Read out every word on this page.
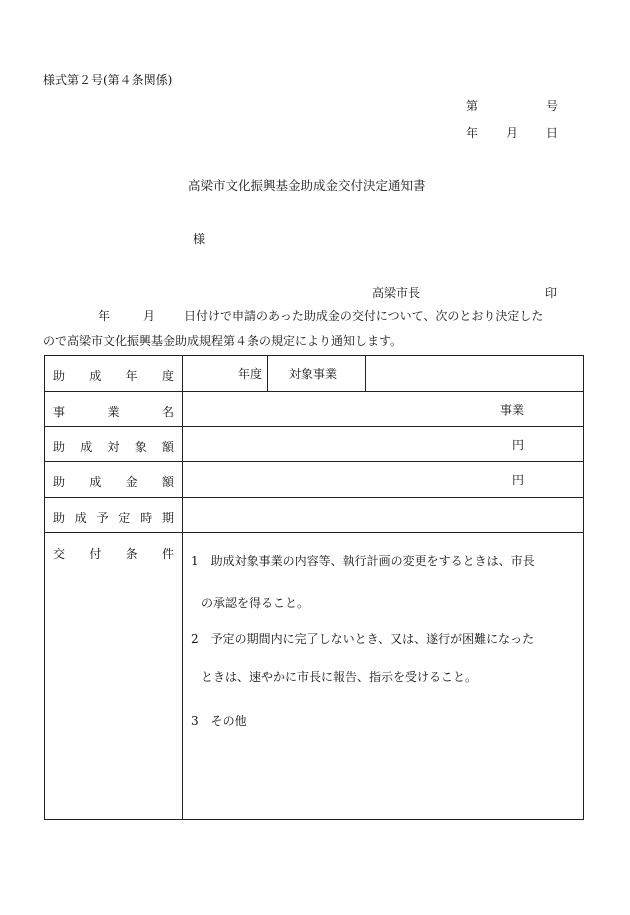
様式第２号(第４条関係)
第	号
年 月 日
高梁市文化振興基金助成金交付決定通知書
様
高梁市長	印
年	月 日付けで申請のあった助成金の交付について、次のとおり決定した
ので高梁市文化振興基金助成規程第４条の規定により通知します。
助 成 年 度	年度 対象事業
事	業	名	事業
助 成 対 象 額	円
助 成 金 額	円
助 成 予 定 時 期
交 付 条 件 1　助成対象事業の内容等、執行計画の変更をするときは、市長
の承認を得ること。
2　予定の期間内に完了しないとき、又は、遂行が困難になった
ときは、速やかに市長に報告、指示を受けること。
3　その他
